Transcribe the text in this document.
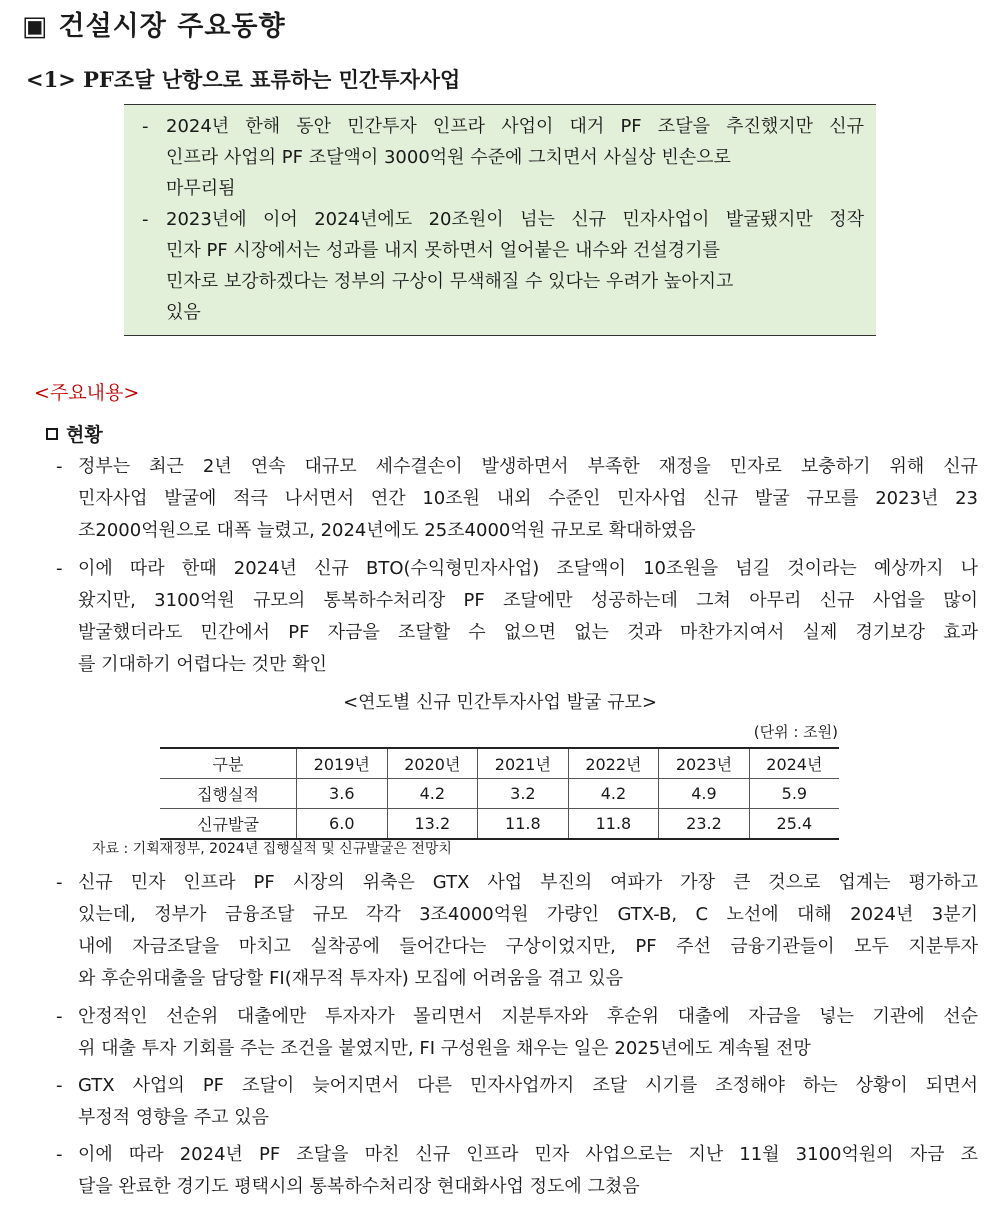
▣ 건설시장 주요동향
<1> PF조달 난항으로 표류하는 민간투자사업
- 2024년 한해 동안 민간투자 인프라 사업이 대거 PF 조달을 추진했지만 신규
인프라 사업의 PF 조달액이 3000억원 수준에 그치면서 사실상 빈손으로
마무리됨
- 2023년에 이어 2024년에도 20조원이 넘는 신규 민자사업이 발굴됐지만 정작
민자 PF 시장에서는 성과를 내지 못하면서 얼어붙은 내수와 건설경기를
민자로 보강하겠다는 정부의 구상이 무색해질 수 있다는 우려가 높아지고
있음
<주요내용>
현황
- 정부는 최근 2년 연속 대규모 세수결손이 발생하면서 부족한 재정을 민자로 보충하기 위해 신규
민자사업 발굴에 적극 나서면서 연간 10조원 내외 수준인 민자사업 신규 발굴 규모를 2023년 23
조2000억원으로 대폭 늘렸고, 2024년에도 25조4000억원 규모로 확대하였음
- 이에 따라 한때 2024년 신규 BTO(수익형민자사업) 조달액이 10조원을 넘길 것이라는 예상까지 나
왔지만, 3100억원 규모의 통복하수처리장 PF 조달에만 성공하는데 그쳐 아무리 신규 사업을 많이
발굴했더라도 민간에서 PF 자금을 조달할 수 없으면 없는 것과 마찬가지여서 실제 경기보강 효과
를 기대하기 어렵다는 것만 확인
<연도별 신규 민간투자사업 발굴 규모>
(단위 : 조원)
구분	2019년	2020년	2021년	2022년	2023년	2024년
집행실적	3.6	4.2	3.2	4.2	4.9	5.9
신규발굴	6.0	13.2	11.8	11.8	23.2	25.4
자료 : 기획재정부, 2024년 집행실적 및 신규발굴은 전망치
- 신규 민자 인프라 PF 시장의 위축은 GTX 사업 부진의 여파가 가장 큰 것으로 업계는 평가하고
있는데, 정부가 금융조달 규모 각각 3조4000억원 가량인 GTX-B, C 노선에 대해 2024년 3분기
내에 자금조달을 마치고 실착공에 들어간다는 구상이었지만, PF 주선 금융기관들이 모두 지분투자
와 후순위대출을 담당할 FI(재무적 투자자) 모집에 어려움을 겪고 있음
- 안정적인 선순위 대출에만 투자자가 몰리면서 지분투자와 후순위 대출에 자금을 넣는 기관에 선순
위 대출 투자 기회를 주는 조건을 붙였지만, FI 구성원을 채우는 일은 2025년에도 계속될 전망
- GTX 사업의 PF 조달이 늦어지면서 다른 민자사업까지 조달 시기를 조정해야 하는 상황이 되면서
부정적 영향을 주고 있음
- 이에 따라 2024년 PF 조달을 마친 신규 인프라 민자 사업으로는 지난 11월 3100억원의 자금 조
달을 완료한 경기도 평택시의 통복하수처리장 현대화사업 정도에 그쳤음
